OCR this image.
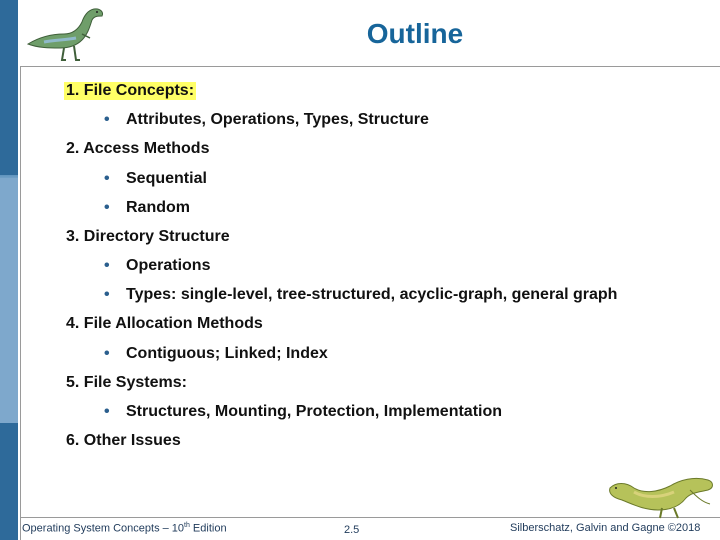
Outline
1. File Concepts:
• Attributes, Operations, Types, Structure
2. Access Methods
• Sequential
• Random
3. Directory Structure
• Operations
• Types: single-level, tree-structured, acyclic-graph, general graph
4. File Allocation Methods
• Contiguous; Linked; Index
5. File Systems:
• Structures, Mounting, Protection, Implementation
6. Other Issues
Operating System Concepts – 10th Edition	2.5	Silberschatz, Galvin and Gagne ©2018
